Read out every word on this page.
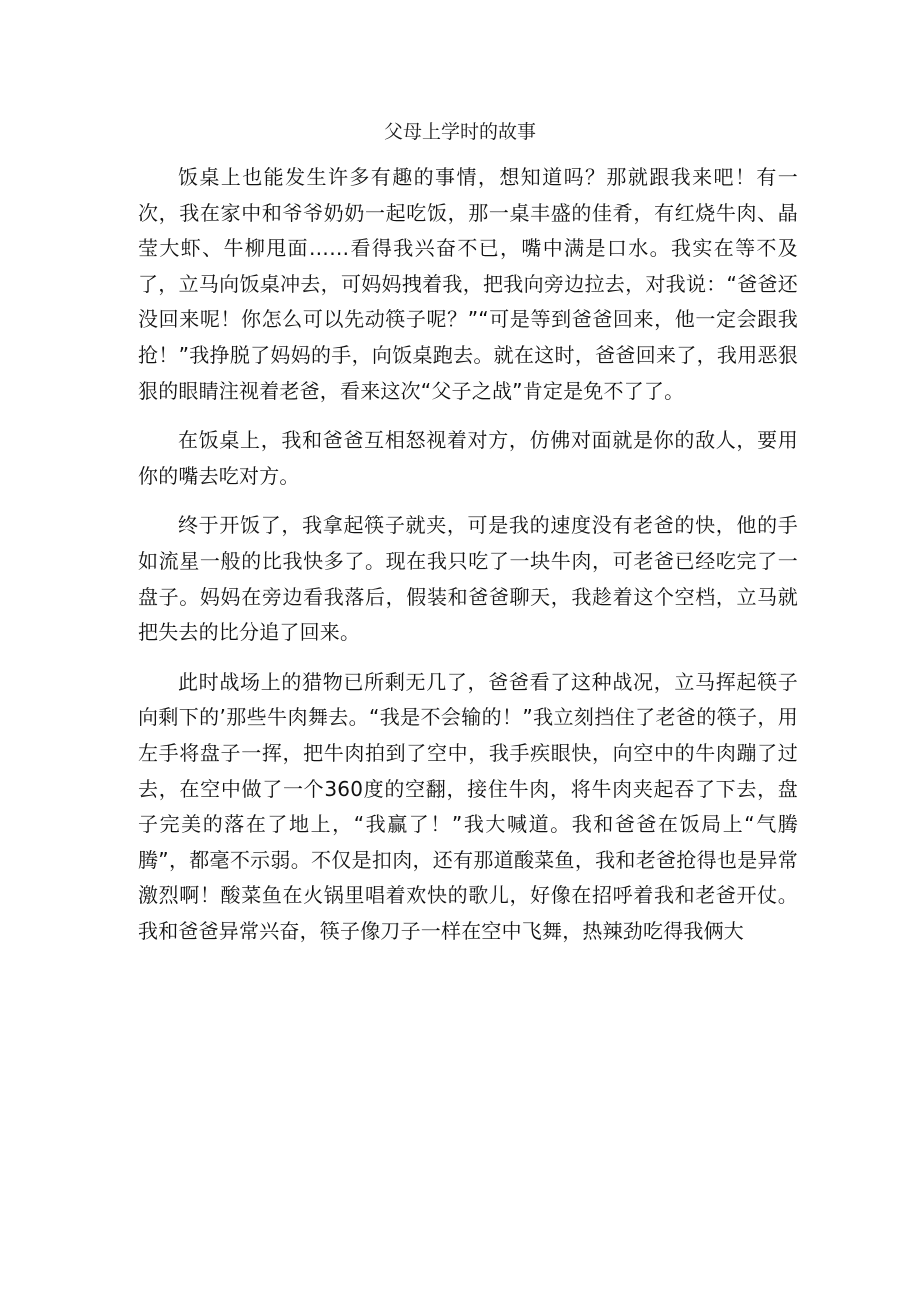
父母上学时的故事

饭桌上也能发生许多有趣的事情，想知道吗？那就跟我来吧！有一次，我在家中和爷爷奶奶一起吃饭，那一桌丰盛的佳肴，有红烧牛肉、晶莹大虾、牛柳甩面……看得我兴奋不已，嘴中满是口水。我实在等不及了，立马向饭桌冲去，可妈妈拽着我，把我向旁边拉去，对我说：“爸爸还没回来呢！你怎么可以先动筷子呢？”“可是等到爸爸回来，他一定会跟我抢！”我挣脱了妈妈的手，向饭桌跑去。就在这时，爸爸回来了，我用恶狠狠的眼睛注视着老爸，看来这次“父子之战”肯定是免不了了。

在饭桌上，我和爸爸互相怒视着对方，仿佛对面就是你的敌人，要用你的嘴去吃对方。

终于开饭了，我拿起筷子就夹，可是我的速度没有老爸的快，他的手如流星一般的比我快多了。现在我只吃了一块牛肉，可老爸已经吃完了一盘子。妈妈在旁边看我落后，假装和爸爸聊天，我趁着这个空档，立马就把失去的比分追了回来。

此时战场上的猎物已所剩无几了，爸爸看了这种战况，立马挥起筷子向剩下的’那些牛肉舞去。“我是不会输的！”我立刻挡住了老爸的筷子，用左手将盘子一挥，把牛肉拍到了空中，我手疾眼快，向空中的牛肉蹦了过去，在空中做了一个360度的空翻，接住牛肉，将牛肉夹起吞了下去，盘子完美的落在了地上，“我赢了！”我大喊道。我和爸爸在饭局上“气腾腾”，都毫不示弱。不仅是扣肉，还有那道酸菜鱼，我和老爸抢得也是异常激烈啊！酸菜鱼在火锅里唱着欢快的歌儿，好像在招呼着我和老爸开仗。我和爸爸异常兴奋，筷子像刀子一样在空中飞舞，热辣劲吃得我俩大
